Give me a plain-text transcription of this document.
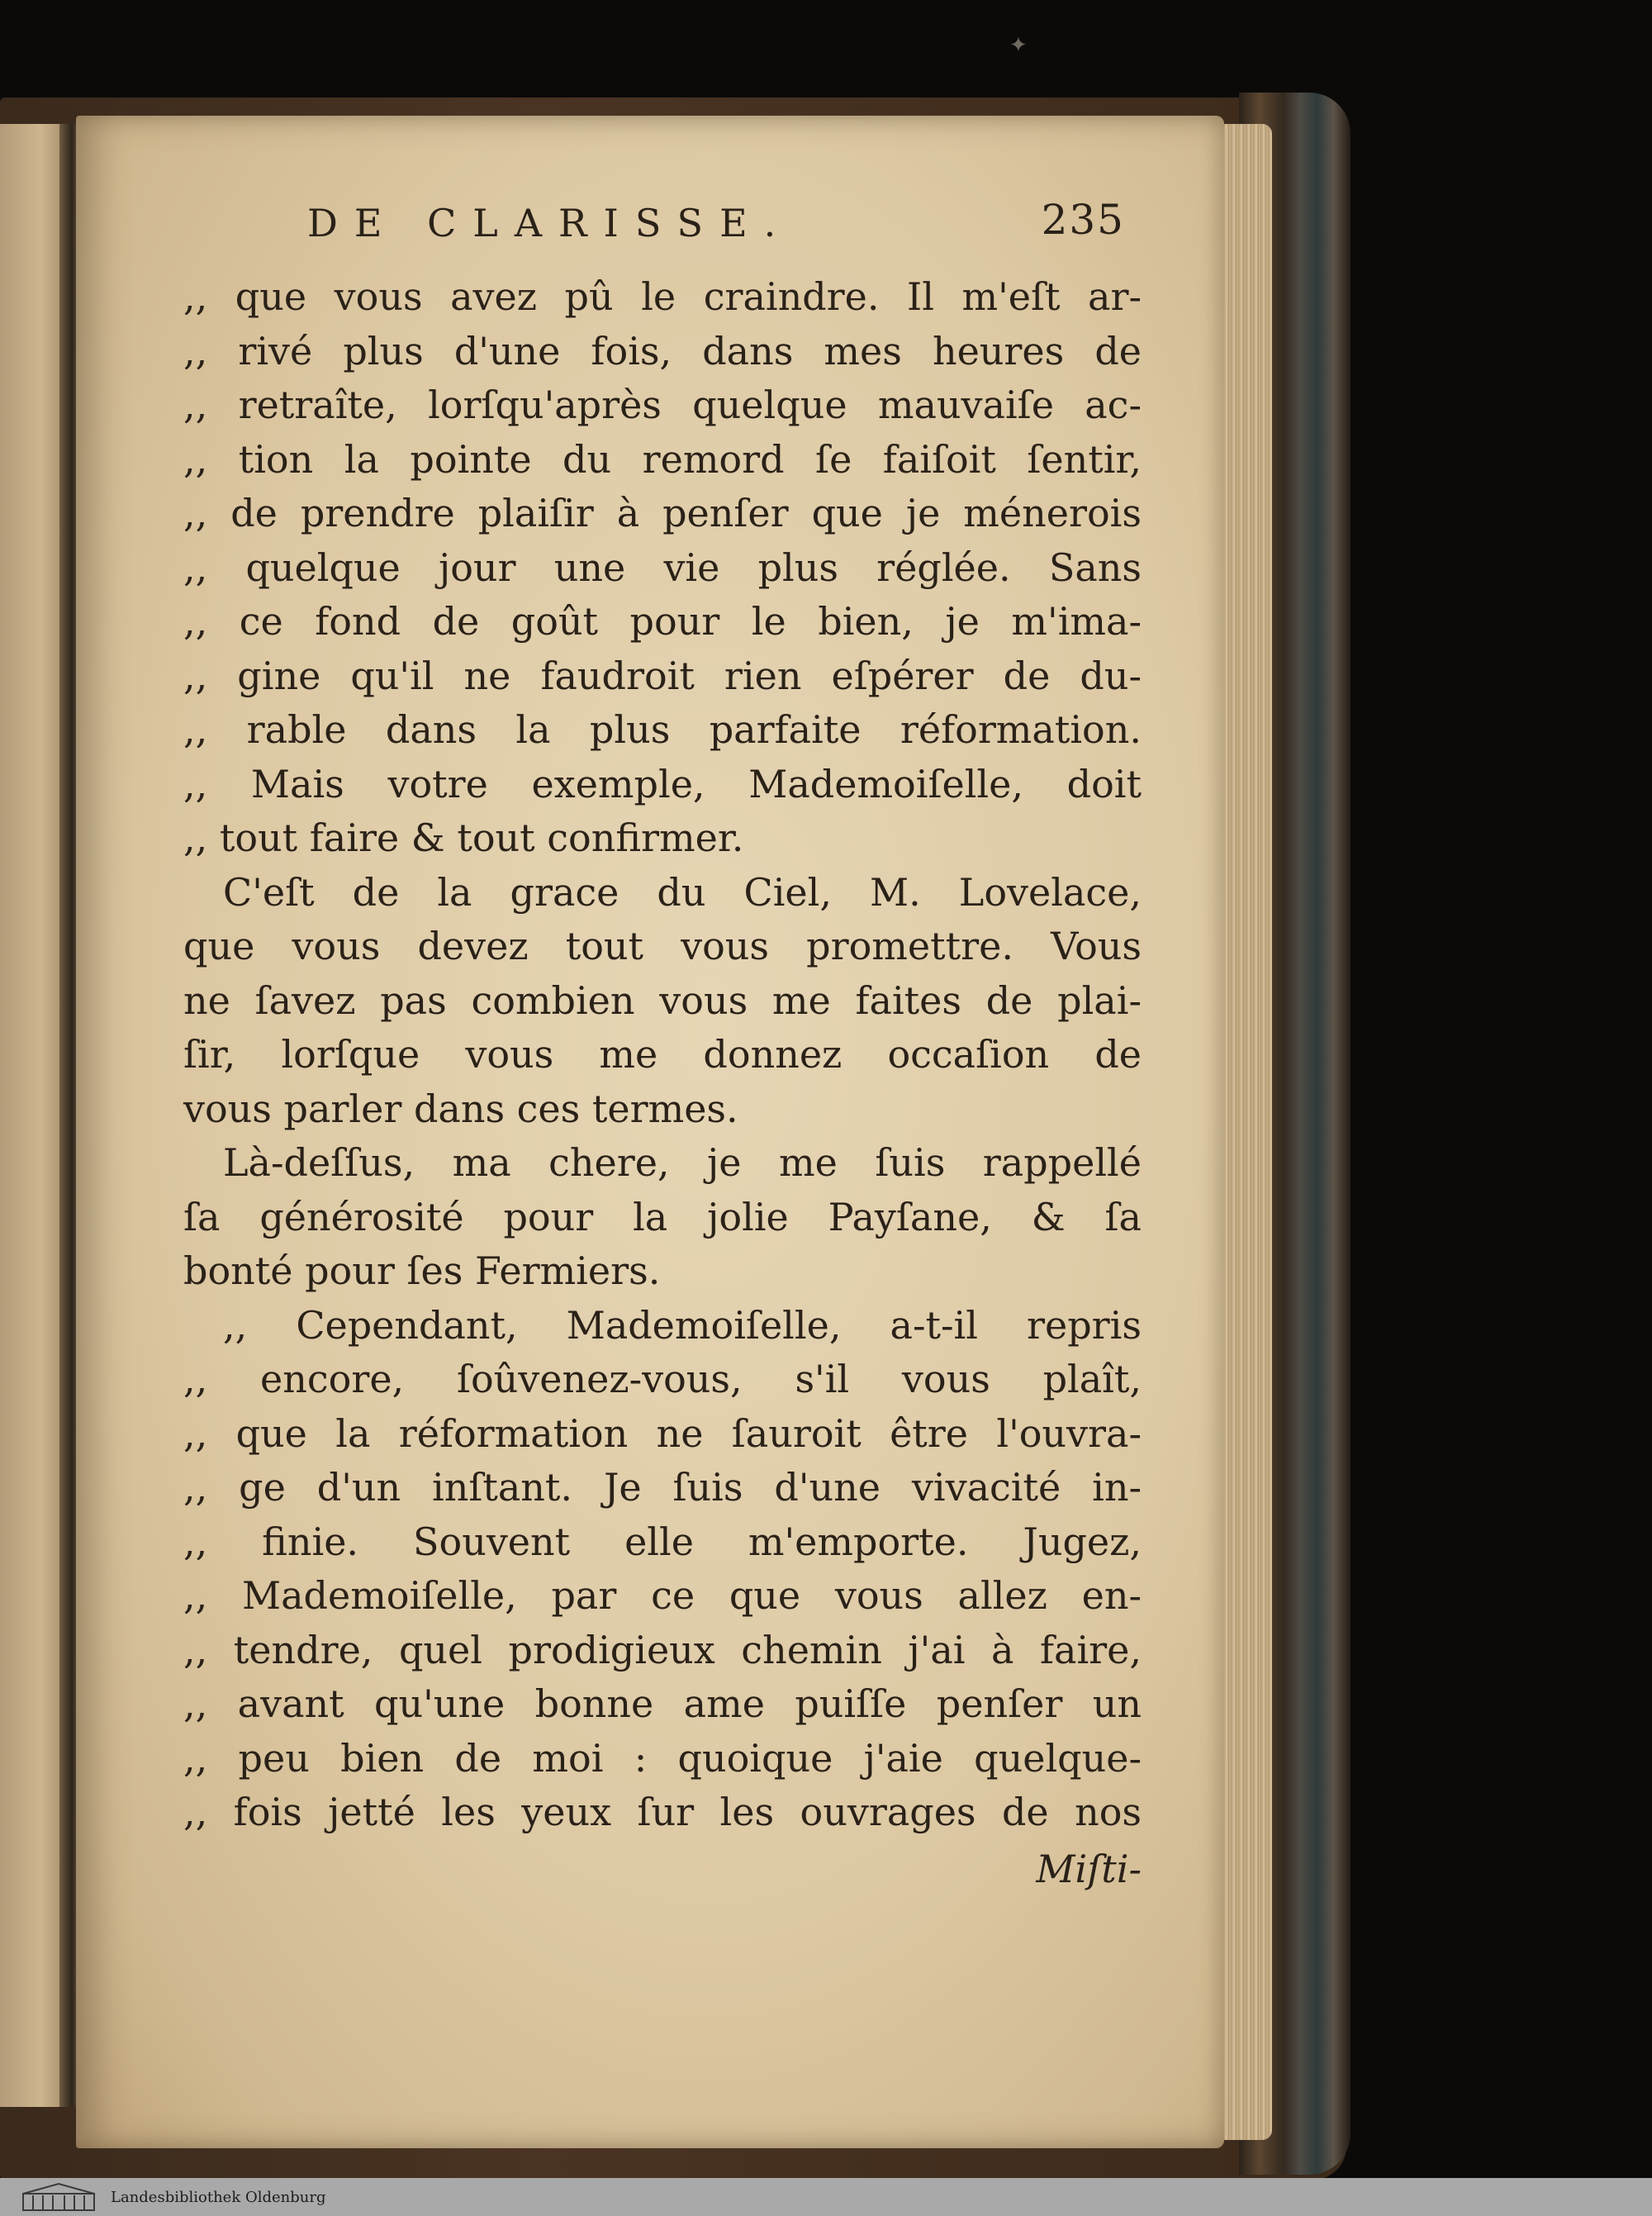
✦
DE CLARISSE.	235
,, que vous avez pû le craindre. Il m'eſt ar-
,, rivé plus d'une fois, dans mes heures de
,, retraîte, lorſqu'après quelque mauvaiſe ac-
,, tion la pointe du remord ſe faiſoit ſentir,
,, de prendre plaiſir à penſer que je ménerois
,, quelque jour une vie plus réglée. Sans
,, ce fond de goût pour le bien, je m'ima-
,, gine qu'il ne faudroit rien eſpérer de du-
,, rable dans la plus parfaite réformation.
,, Mais votre exemple, Mademoiſelle, doit
,, tout faire & tout confirmer.
C'eſt de la grace du Ciel, M. Lovelace,
que vous devez tout vous promettre. Vous
ne ſavez pas combien vous me faites de plai-
ſir, lorſque vous me donnez occaſion de
vous parler dans ces termes.
Là-deſſus, ma chere, je me ſuis rappellé
ſa générosité pour la jolie Payſane, & ſa
bonté pour ſes Fermiers.
,, Cependant, Mademoiſelle, a-t-il repris
,, encore, ſoûvenez-vous, s'il vous plaît,
,, que la réformation ne ſauroit être l'ouvra-
,, ge d'un inſtant. Je ſuis d'une vivacité in-
,, finie. Souvent elle m'emporte. Jugez,
,, Mademoiſelle, par ce que vous allez en-
,, tendre, quel prodigieux chemin j'ai à faire,
,, avant qu'une bonne ame puiſſe penſer un
,, peu bien de moi : quoique j'aie quelque-
,, fois jetté les yeux ſur les ouvrages de nos
Miſti-
Landesbibliothek Oldenburg
